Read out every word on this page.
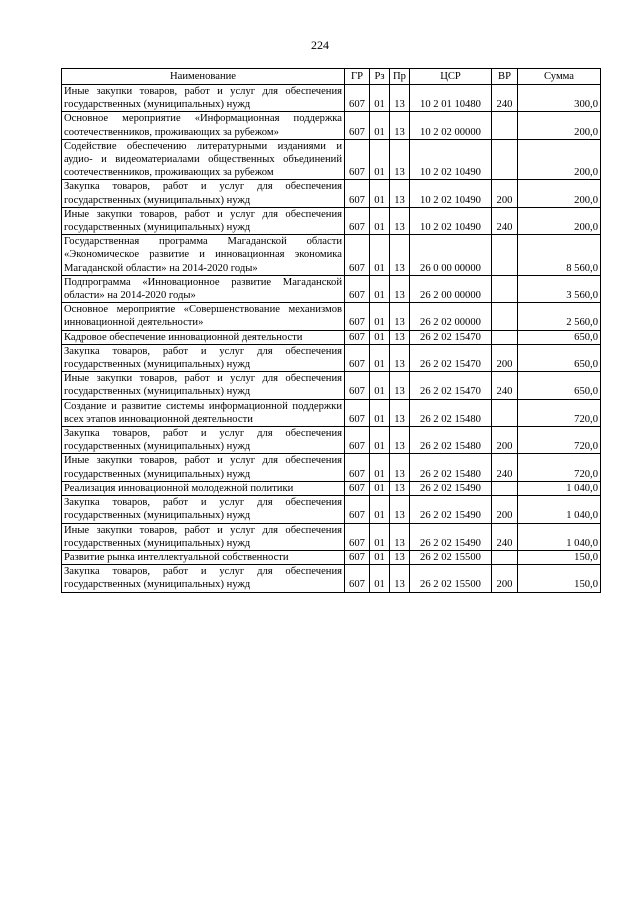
224
Наименование	ГР	Рз	Пр	ЦСР	ВР	Сумма
Иные закупки товаров, работ и услуг для обеспечения государственных (муниципальных) нужд	607	01	13	10 2 01 10480	240	300,0
Основное мероприятие «Информационная поддержка соотечественников, проживающих за рубежом»	607	01	13	10 2 02 00000		200,0
Содействие обеспечению литературными изданиями и аудио- и видеоматериалами общественных объединений соотечественников, проживающих за рубежом	607	01	13	10 2 02 10490		200,0
Закупка товаров, работ и услуг для обеспечения государственных (муниципальных) нужд	607	01	13	10 2 02 10490	200	200,0
Иные закупки товаров, работ и услуг для обеспечения государственных (муниципальных) нужд	607	01	13	10 2 02 10490	240	200,0
Государственная программа Магаданской области «Экономическое развитие и инновационная экономика Магаданской области» на 2014-2020 годы»	607	01	13	26 0 00 00000		8 560,0
Подпрограмма «Инновационное развитие Магаданской области» на 2014-2020 годы»	607	01	13	26 2 00 00000		3 560,0
Основное мероприятие «Совершенствование механизмов инновационной деятельности»	607	01	13	26 2 02 00000		2 560,0
Кадровое обеспечение инновационной деятельности	607	01	13	26 2 02 15470		650,0
Закупка товаров, работ и услуг для обеспечения государственных (муниципальных) нужд	607	01	13	26 2 02 15470	200	650,0
Иные закупки товаров, работ и услуг для обеспечения государственных (муниципальных) нужд	607	01	13	26 2 02 15470	240	650,0
Создание и развитие системы информационной поддержки всех этапов инновационной деятельности	607	01	13	26 2 02 15480		720,0
Закупка товаров, работ и услуг для обеспечения государственных (муниципальных) нужд	607	01	13	26 2 02 15480	200	720,0
Иные закупки товаров, работ и услуг для обеспечения государственных (муниципальных) нужд	607	01	13	26 2 02 15480	240	720,0
Реализация инновационной молодежной политики	607	01	13	26 2 02 15490		1 040,0
Закупка товаров, работ и услуг для обеспечения государственных (муниципальных) нужд	607	01	13	26 2 02 15490	200	1 040,0
Иные закупки товаров, работ и услуг для обеспечения государственных (муниципальных) нужд	607	01	13	26 2 02 15490	240	1 040,0
Развитие рынка интеллектуальной собственности	607	01	13	26 2 02 15500		150,0
Закупка товаров, работ и услуг для обеспечения государственных (муниципальных) нужд	607	01	13	26 2 02 15500	200	150,0
